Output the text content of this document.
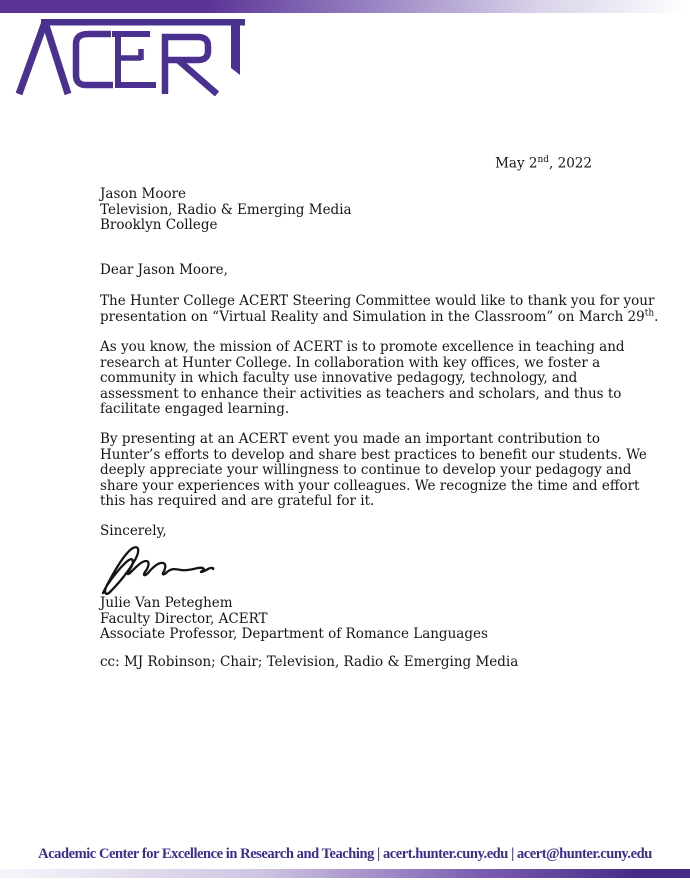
May 2nd, 2022
Jason Moore
Television, Radio & Emerging Media
Brooklyn College
Dear Jason Moore,
The Hunter College ACERT Steering Committee would like to thank you for your
presentation on “Virtual Reality and Simulation in the Classroom” on March 29th.
As you know, the mission of ACERT is to promote excellence in teaching and
research at Hunter College. In collaboration with key offices, we foster a
community in which faculty use innovative pedagogy, technology, and
assessment to enhance their activities as teachers and scholars, and thus to
facilitate engaged learning.
By presenting at an ACERT event you made an important contribution to
Hunter’s efforts to develop and share best practices to benefit our students. We
deeply appreciate your willingness to continue to develop your pedagogy and
share your experiences with your colleagues. We recognize the time and effort
this has required and are grateful for it.
Sincerely,
Julie Van Peteghem
Faculty Director, ACERT
Associate Professor, Department of Romance Languages
cc: MJ Robinson; Chair; Television, Radio & Emerging Media
Academic Center for Excellence in Research and Teaching | acert.hunter.cuny.edu | acert@hunter.cuny.edu
